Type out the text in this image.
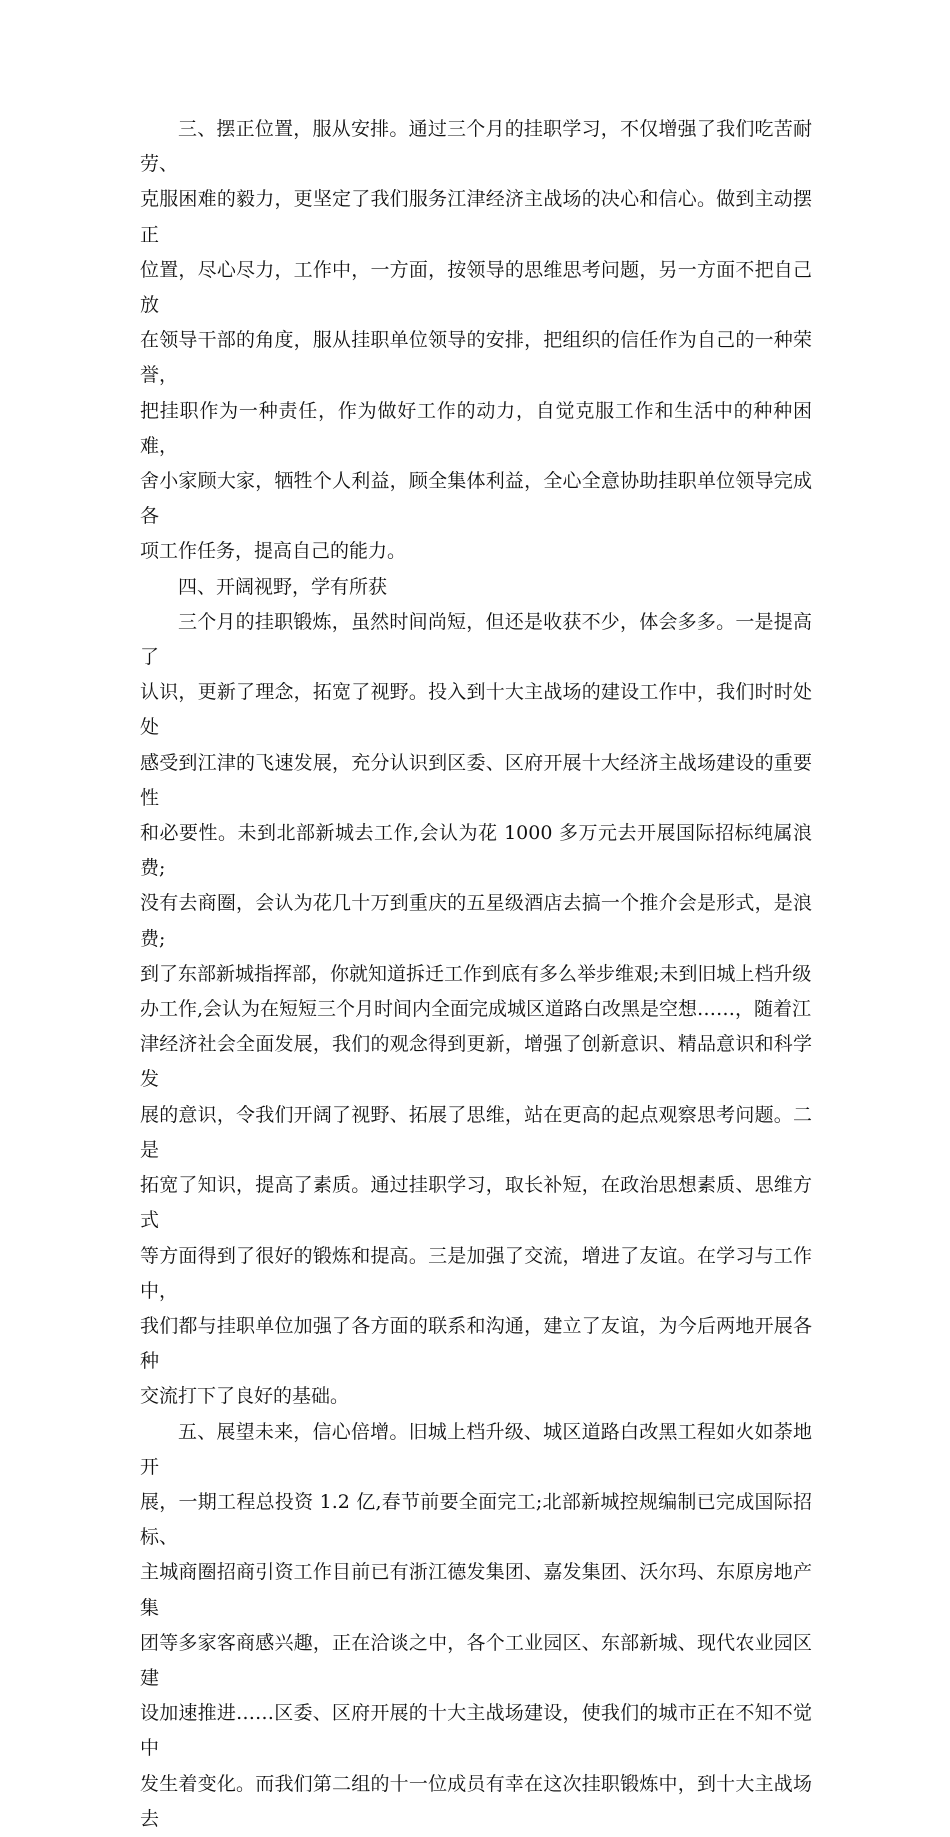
三、摆正位置，服从安排。通过三个月的挂职学习，不仅增强了我们吃苦耐劳、
克服困难的毅力，更坚定了我们服务江津经济主战场的决心和信心。做到主动摆正
位置，尽心尽力，工作中，一方面，按领导的思维思考问题，另一方面不把自己放
在领导干部的角度，服从挂职单位领导的安排，把组织的信任作为自己的一种荣誉，
把挂职作为一种责任，作为做好工作的动力，自觉克服工作和生活中的种种困难，
舍小家顾大家，牺牲个人利益，顾全集体利益，全心全意协助挂职单位领导完成各
项工作任务，提高自己的能力。

四、开阔视野，学有所获

三个月的挂职锻炼，虽然时间尚短，但还是收获不少，体会多多。一是提高了
认识，更新了理念，拓宽了视野。投入到十大主战场的建设工作中，我们时时处处
感受到江津的飞速发展，充分认识到区委、区府开展十大经济主战场建设的重要性
和必要性。未到北部新城去工作,会认为花 1000 多万元去开展国际招标纯属浪费;
没有去商圈，会认为花几十万到重庆的五星级酒店去搞一个推介会是形式，是浪费;
到了东部新城指挥部，你就知道拆迁工作到底有多么举步维艰;未到旧城上档升级
办工作,会认为在短短三个月时间内全面完成城区道路白改黑是空想……，随着江
津经济社会全面发展，我们的观念得到更新，增强了创新意识、精品意识和科学发
展的意识，令我们开阔了视野、拓展了思维，站在更高的起点观察思考问题。二是
拓宽了知识，提高了素质。通过挂职学习，取长补短，在政治思想素质、思维方式
等方面得到了很好的锻炼和提高。三是加强了交流，增进了友谊。在学习与工作中，
我们都与挂职单位加强了各方面的联系和沟通，建立了友谊，为今后两地开展各种
交流打下了良好的基础。

五、展望未来，信心倍增。旧城上档升级、城区道路白改黑工程如火如荼地开
展，一期工程总投资 1.2 亿,春节前要全面完工;北部新城控规编制已完成国际招标、
主城商圈招商引资工作目前已有浙江德发集团、嘉发集团、沃尔玛、东原房地产集
团等多家客商感兴趣，正在洽谈之中，各个工业园区、东部新城、现代农业园区建
设加速推进……区委、区府开展的十大主战场建设，使我们的城市正在不知不觉中
发生着变化。而我们第二组的十一位成员有幸在这次挂职锻炼中，到十大主战场去
